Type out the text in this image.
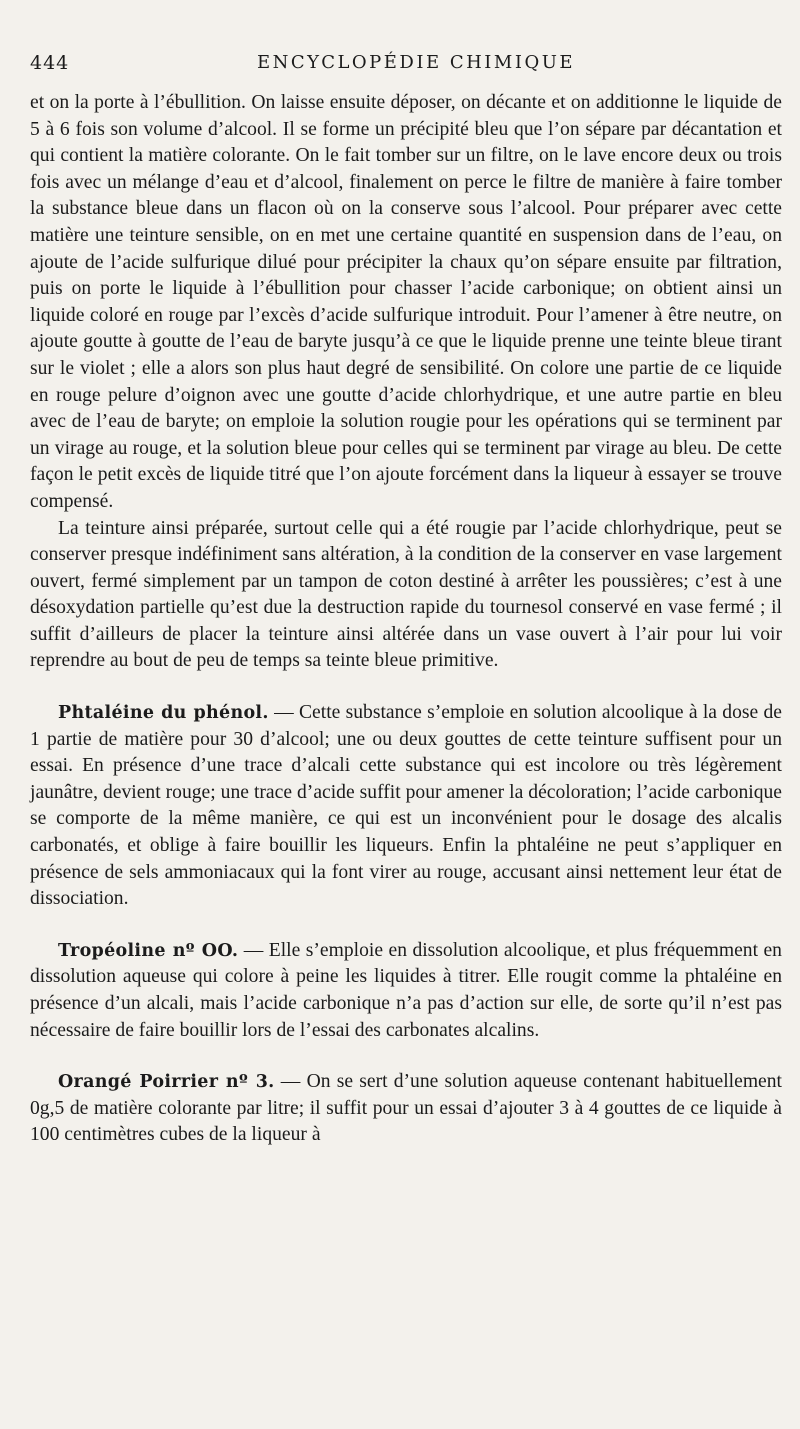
444	ENCYCLOPÉDIE CHIMIQUE

et on la porte à l’ébullition. On laisse ensuite déposer, on décante et on additionne le liquide de 5 à 6 fois son volume d’alcool. Il se forme un précipité bleu que l’on sépare par décantation et qui contient la matière colorante. On le fait tomber sur un filtre, on le lave encore deux ou trois fois avec un mélange d’eau et d’alcool, finalement on perce le filtre de manière à faire tomber la substance bleue dans un flacon où on la conserve sous l’alcool. Pour préparer avec cette matière une teinture sensible, on en met une certaine quantité en suspension dans de l’eau, on ajoute de l’acide sulfurique dilué pour précipiter la chaux qu’on sépare ensuite par filtration, puis on porte le liquide à l’ébullition pour chasser l’acide carbonique; on obtient ainsi un liquide coloré en rouge par l’excès d’acide sulfurique introduit. Pour l’amener à être neutre, on ajoute goutte à goutte de l’eau de baryte jusqu’à ce que le liquide prenne une teinte bleue tirant sur le violet ; elle a alors son plus haut degré de sensibilité. On colore une partie de ce liquide en rouge pelure d’oignon avec une goutte d’acide chlorhydrique, et une autre partie en bleu avec de l’eau de baryte; on emploie la solution rougie pour les opérations qui se terminent par un virage au rouge, et la solution bleue pour celles qui se terminent par virage au bleu. De cette façon le petit excès de liquide titré que l’on ajoute forcément dans la liqueur à essayer se trouve compensé.

La teinture ainsi préparée, surtout celle qui a été rougie par l’acide chlorhydrique, peut se conserver presque indéfiniment sans altération, à la condition de la conserver en vase largement ouvert, fermé simplement par un tampon de coton destiné à arrêter les poussières; c’est à une désoxydation partielle qu’est due la destruction rapide du tournesol conservé en vase fermé ; il suffit d’ailleurs de placer la teinture ainsi altérée dans un vase ouvert à l’air pour lui voir reprendre au bout de peu de temps sa teinte bleue primitive.

Phtaléine du phénol. — Cette substance s’emploie en solution alcoolique à la dose de 1 partie de matière pour 30 d’alcool; une ou deux gouttes de cette teinture suffisent pour un essai. En présence d’une trace d’alcali cette substance qui est incolore ou très légèrement jaunâtre, devient rouge; une trace d’acide suffit pour amener la décoloration; l’acide carbonique se comporte de la même manière, ce qui est un inconvénient pour le dosage des alcalis carbonatés, et oblige à faire bouillir les liqueurs. Enfin la phtaléine ne peut s’appliquer en présence de sels ammoniacaux qui la font virer au rouge, accusant ainsi nettement leur état de dissociation.

Tropéoline nº OO. — Elle s’emploie en dissolution alcoolique, et plus fréquemment en dissolution aqueuse qui colore à peine les liquides à titrer. Elle rougit comme la phtaléine en présence d’un alcali, mais l’acide carbonique n’a pas d’action sur elle, de sorte qu’il n’est pas nécessaire de faire bouillir lors de l’essai des carbonates alcalins.

Orangé Poirrier nº 3. — On se sert d’une solution aqueuse contenant habituellement 0g,5 de matière colorante par litre; il suffit pour un essai d’ajouter 3 à 4 gouttes de ce liquide à 100 centimètres cubes de la liqueur à
